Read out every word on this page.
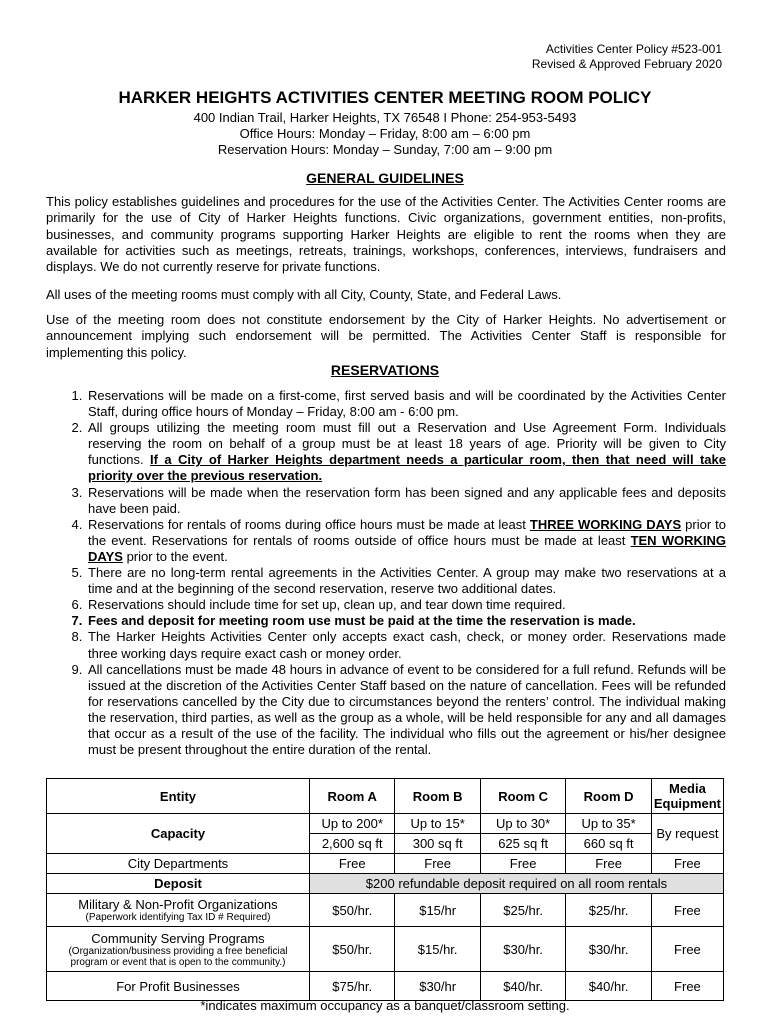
Activities Center Policy #523-001
Revised & Approved February 2020
HARKER HEIGHTS ACTIVITIES CENTER MEETING ROOM POLICY
400 Indian Trail, Harker Heights, TX 76548 I Phone: 254-953-5493
Office Hours: Monday – Friday, 8:00 am – 6:00 pm
Reservation Hours: Monday – Sunday, 7:00 am – 9:00 pm
GENERAL GUIDELINES
This policy establishes guidelines and procedures for the use of the Activities Center. The Activities Center rooms are primarily for the use of City of Harker Heights functions. Civic organizations, government entities, non-profits, businesses, and community programs supporting Harker Heights are eligible to rent the rooms when they are available for activities such as meetings, retreats, trainings, workshops, conferences, interviews, fundraisers and displays. We do not currently reserve for private functions.
All uses of the meeting rooms must comply with all City, County, State, and Federal Laws.
Use of the meeting room does not constitute endorsement by the City of Harker Heights. No advertisement or announcement implying such endorsement will be permitted. The Activities Center Staff is responsible for implementing this policy.
RESERVATIONS
1. Reservations will be made on a first-come, first served basis and will be coordinated by the Activities Center Staff, during office hours of Monday – Friday, 8:00 am - 6:00 pm.
2. All groups utilizing the meeting room must fill out a Reservation and Use Agreement Form. Individuals reserving the room on behalf of a group must be at least 18 years of age. Priority will be given to City functions. If a City of Harker Heights department needs a particular room, then that need will take priority over the previous reservation.
3. Reservations will be made when the reservation form has been signed and any applicable fees and deposits have been paid.
4. Reservations for rentals of rooms during office hours must be made at least THREE WORKING DAYS prior to the event. Reservations for rentals of rooms outside of office hours must be made at least TEN WORKING DAYS prior to the event.
5. There are no long-term rental agreements in the Activities Center. A group may make two reservations at a time and at the beginning of the second reservation, reserve two additional dates.
6. Reservations should include time for set up, clean up, and tear down time required.
7. Fees and deposit for meeting room use must be paid at the time the reservation is made.
8. The Harker Heights Activities Center only accepts exact cash, check, or money order. Reservations made three working days require exact cash or money order.
9. All cancellations must be made 48 hours in advance of event to be considered for a full refund. Refunds will be issued at the discretion of the Activities Center Staff based on the nature of cancellation. Fees will be refunded for reservations cancelled by the City due to circumstances beyond the renters’ control. The individual making the reservation, third parties, as well as the group as a whole, will be held responsible for any and all damages that occur as a result of the use of the facility. The individual who fills out the agreement or his/her designee must be present throughout the entire duration of the rental.
Entity	Room A	Room B	Room C	Room D	Media Equipment
Capacity	Up to 200*	Up to 15*	Up to 30*	Up to 35*	By request
	2,600 sq ft	300 sq ft	625 sq ft	660 sq ft	
City Departments	Free	Free	Free	Free	Free
Deposit	$200 refundable deposit required on all room rentals				
Military & Non-Profit Organizations
(Paperwork identifying Tax ID # Required)	$50/hr.	$15/hr	$25/hr.	$25/hr.	Free
Community Serving Programs
(Organization/business providing a free beneficial program or event that is open to the community.)	$50/hr.	$15/hr.	$30/hr.	$30/hr.	Free
For Profit Businesses	$75/hr.	$30/hr	$40/hr.	$40/hr.	Free
*indicates maximum occupancy as a banquet/classroom setting.
